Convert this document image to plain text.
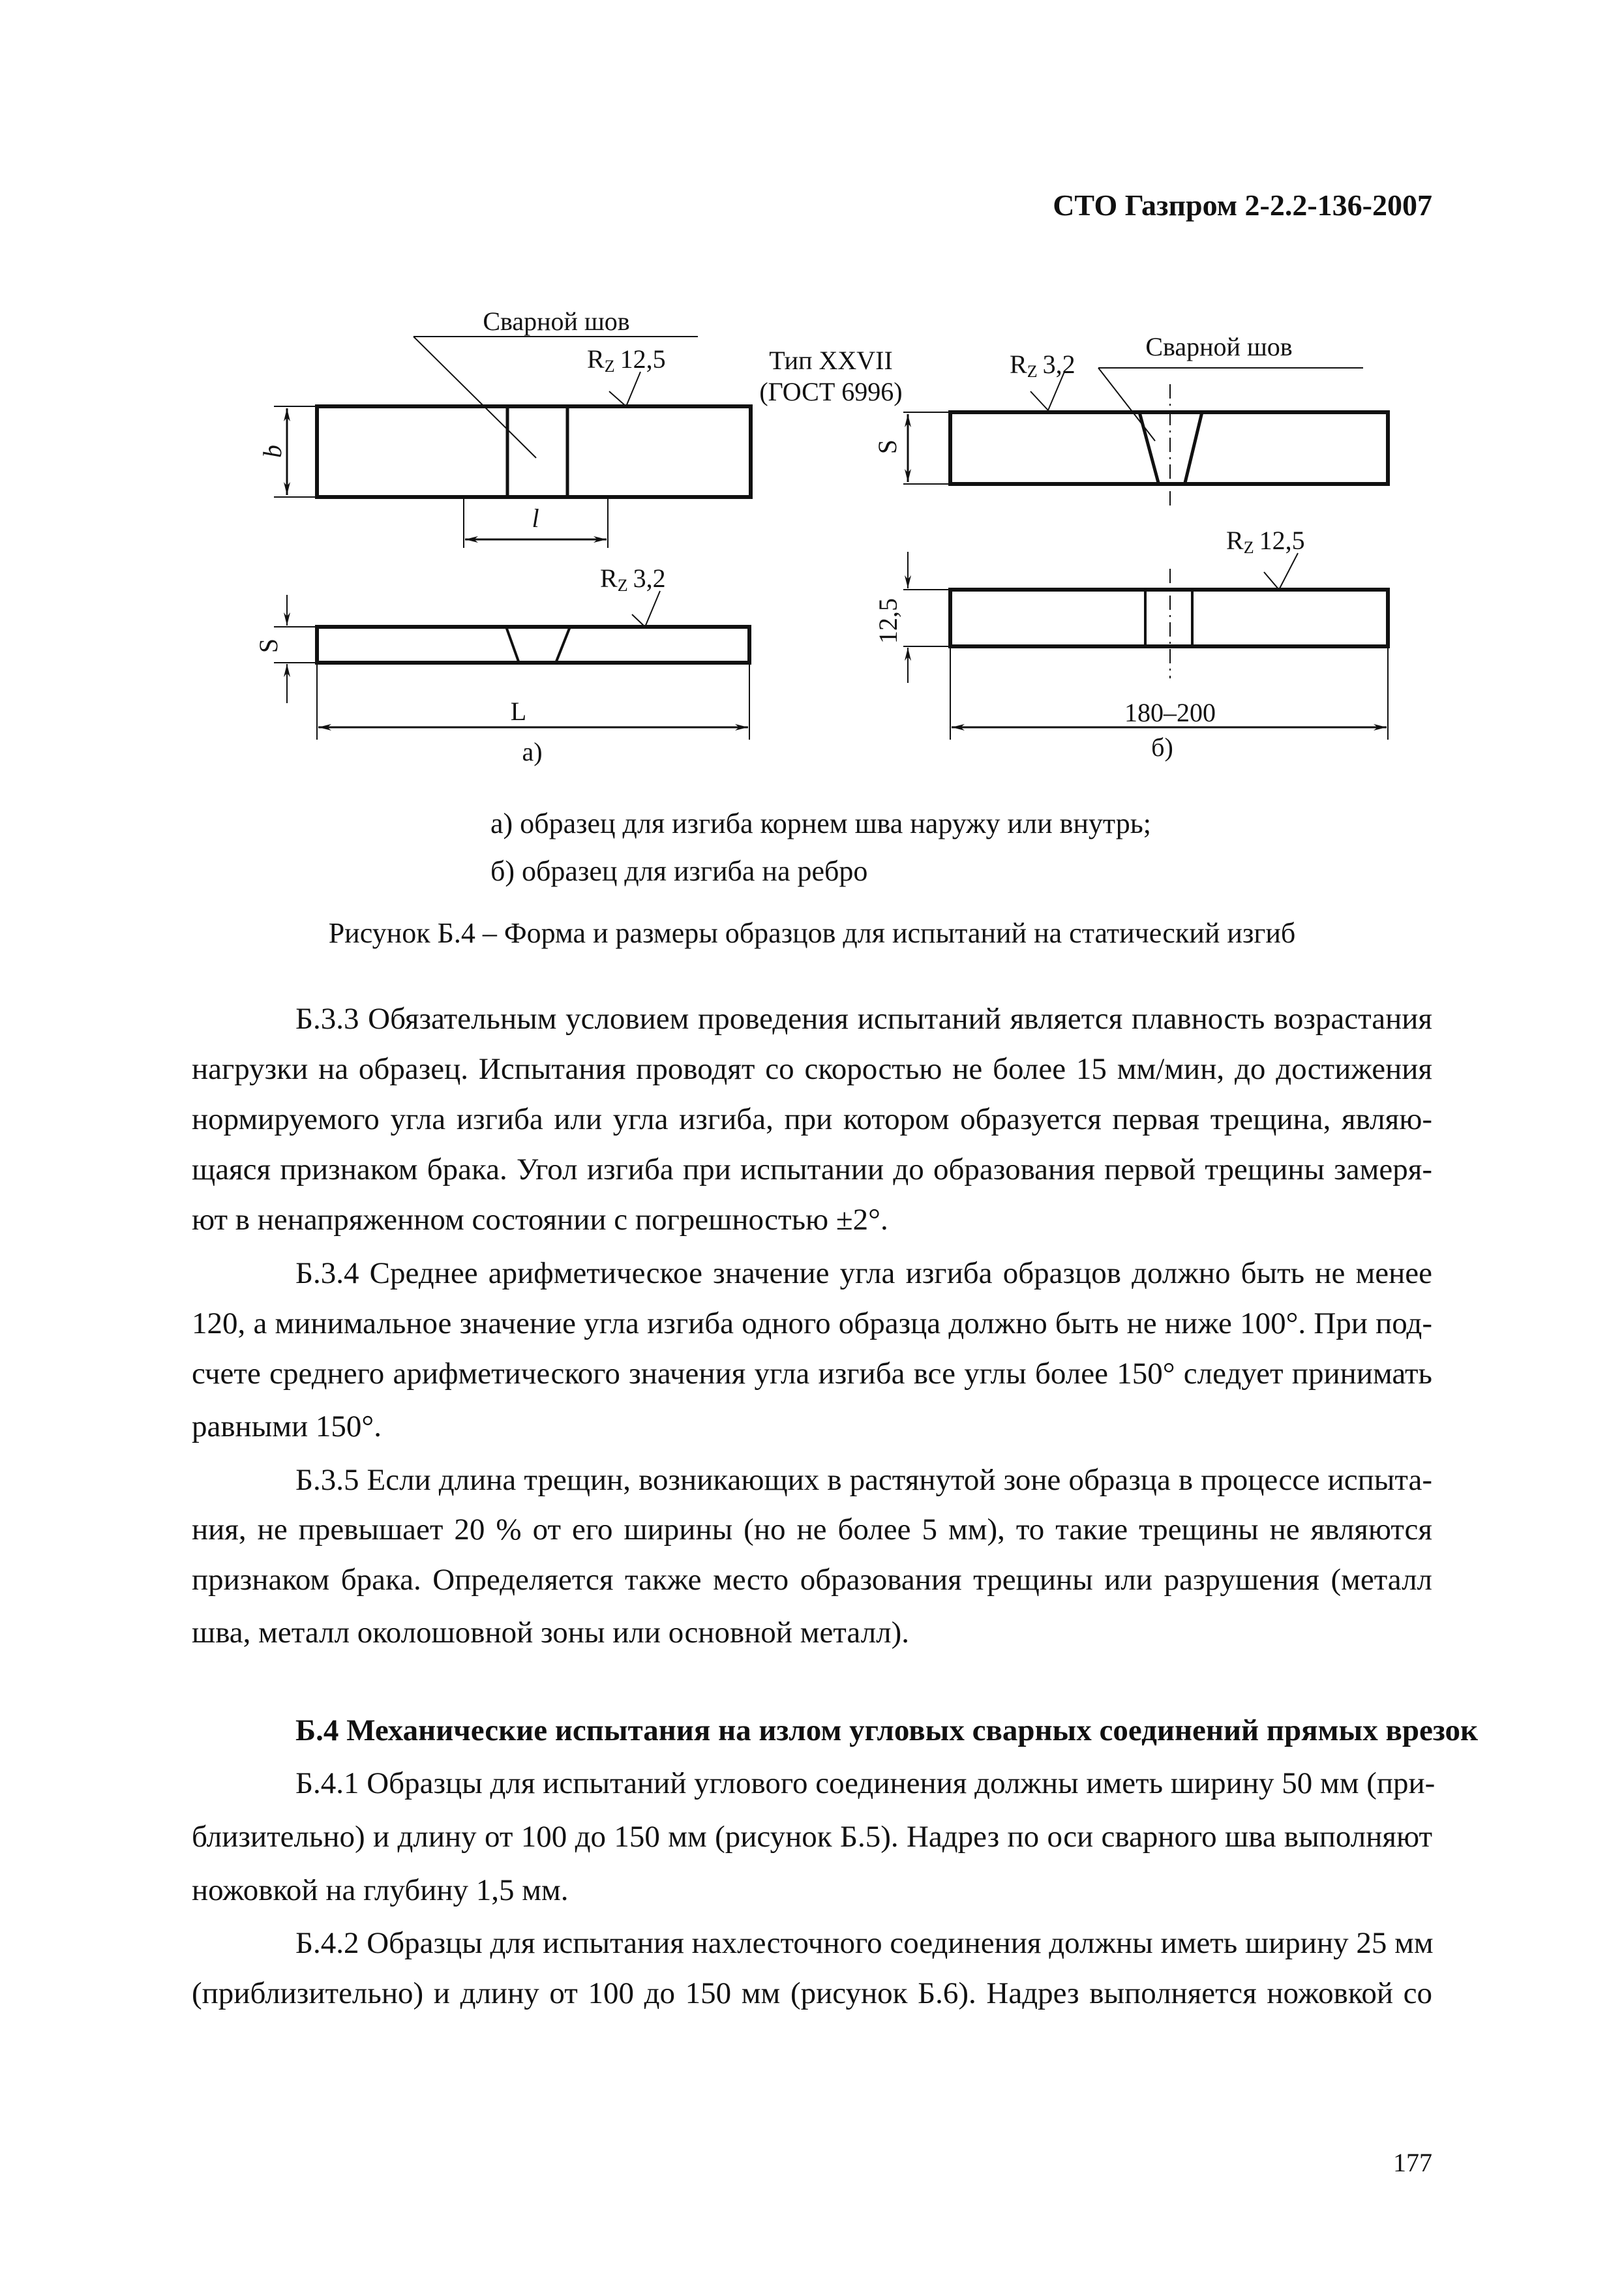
СТО Газпром 2-2.2-136-2007
Сварной шов
RZ 12,5
b
l
RZ 3,2
S
L
а)
Тип XXVII
(ГОСТ 6996)
Сварной шов
RZ 3,2
S
RZ 12,5
12,5
180–200
б)
а) образец для изгиба корнем шва наружу или внутрь;
б) образец для изгиба на ребро
Рисунок Б.4 – Форма и размеры образцов для испытаний на статический изгиб
Б.3.3 Обязательным условием проведения испытаний является плавность возрастания
нагрузки на образец. Испытания проводят со скоростью не более 15 мм/мин, до достижения
нормируемого угла изгиба или угла изгиба, при котором образуется первая трещина, являю-
щаяся признаком брака. Угол изгиба при испытании до образования первой трещины замеря-
ют в ненапряженном состоянии с погрешностью ±2°.
Б.3.4 Среднее арифметическое значение угла изгиба образцов должно быть не менее
120, а минимальное значение угла изгиба одного образца должно быть не ниже 100°. При под-
счете среднего арифметического значения угла изгиба все углы более 150° следует принимать
равными 150°.
Б.3.5 Если длина трещин, возникающих в растянутой зоне образца в процессе испыта-
ния, не превышает 20 % от его ширины (но не более 5 мм), то такие трещины не являются
признаком брака. Определяется также место образования трещины или разрушения (металл
шва, металл околошовной зоны или основной металл).
Б.4 Механические испытания на излом угловых сварных соединений прямых врезок
Б.4.1 Образцы для испытаний углового соединения должны иметь ширину 50 мм (при-
близительно) и длину от 100 до 150 мм (рисунок Б.5). Надрез по оси сварного шва выполняют
ножовкой на глубину 1,5 мм.
Б.4.2 Образцы для испытания нахлесточного соединения должны иметь ширину 25 мм
(приблизительно) и длину от 100 до 150 мм (рисунок Б.6). Надрез выполняется ножовкой со
177
